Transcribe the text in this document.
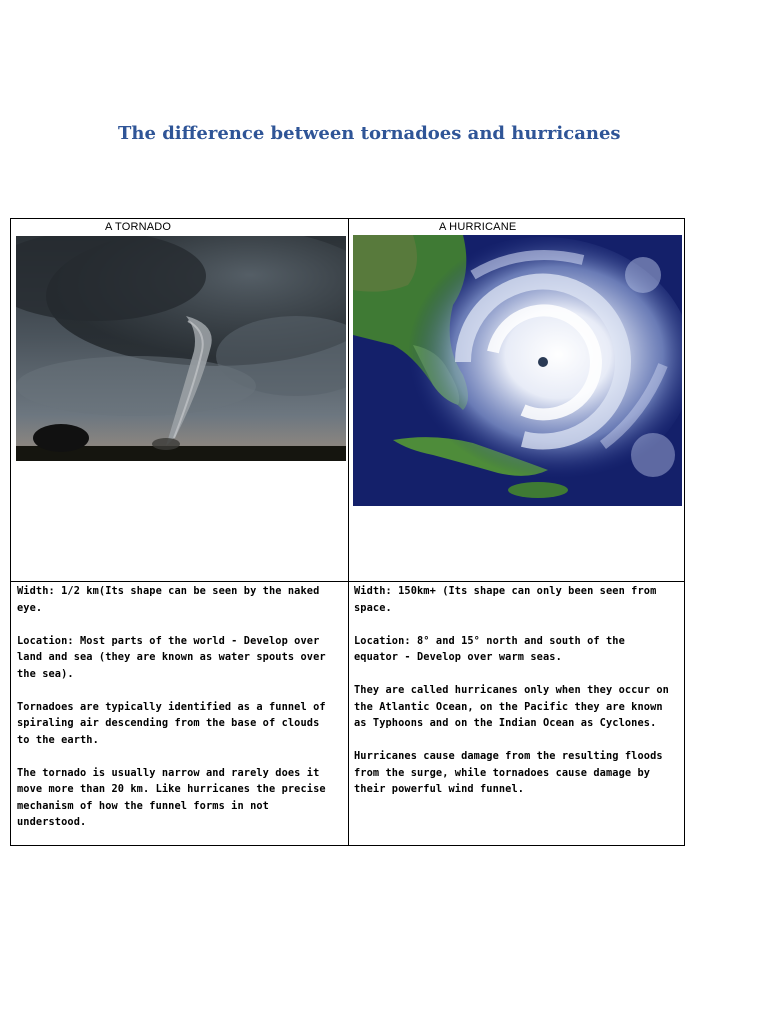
The difference between tornadoes and hurricanes
A TORNADO

Width: 1/2 km(Its shape can be seen by the naked eye.

Location: Most parts of the world - Develop over land and sea (they are known as water spouts over the sea).

Tornadoes are typically identified as a funnel of spiraling air descending from the base of clouds to the earth.

The tornado is usually narrow and rarely does it move more than 20 km. Like hurricanes the precise mechanism of how the funnel forms in not understood.

A HURRICANE

Width: 150km+ (Its shape can only been seen from space.

Location: 8° and 15° north and south of the equator - Develop over warm seas.

They are called hurricanes only when they occur on the Atlantic Ocean, on the Pacific they are known as Typhoons and on the Indian Ocean as Cyclones.

Hurricanes cause damage from the resulting floods from the surge, while tornadoes cause damage by their powerful wind funnel.
